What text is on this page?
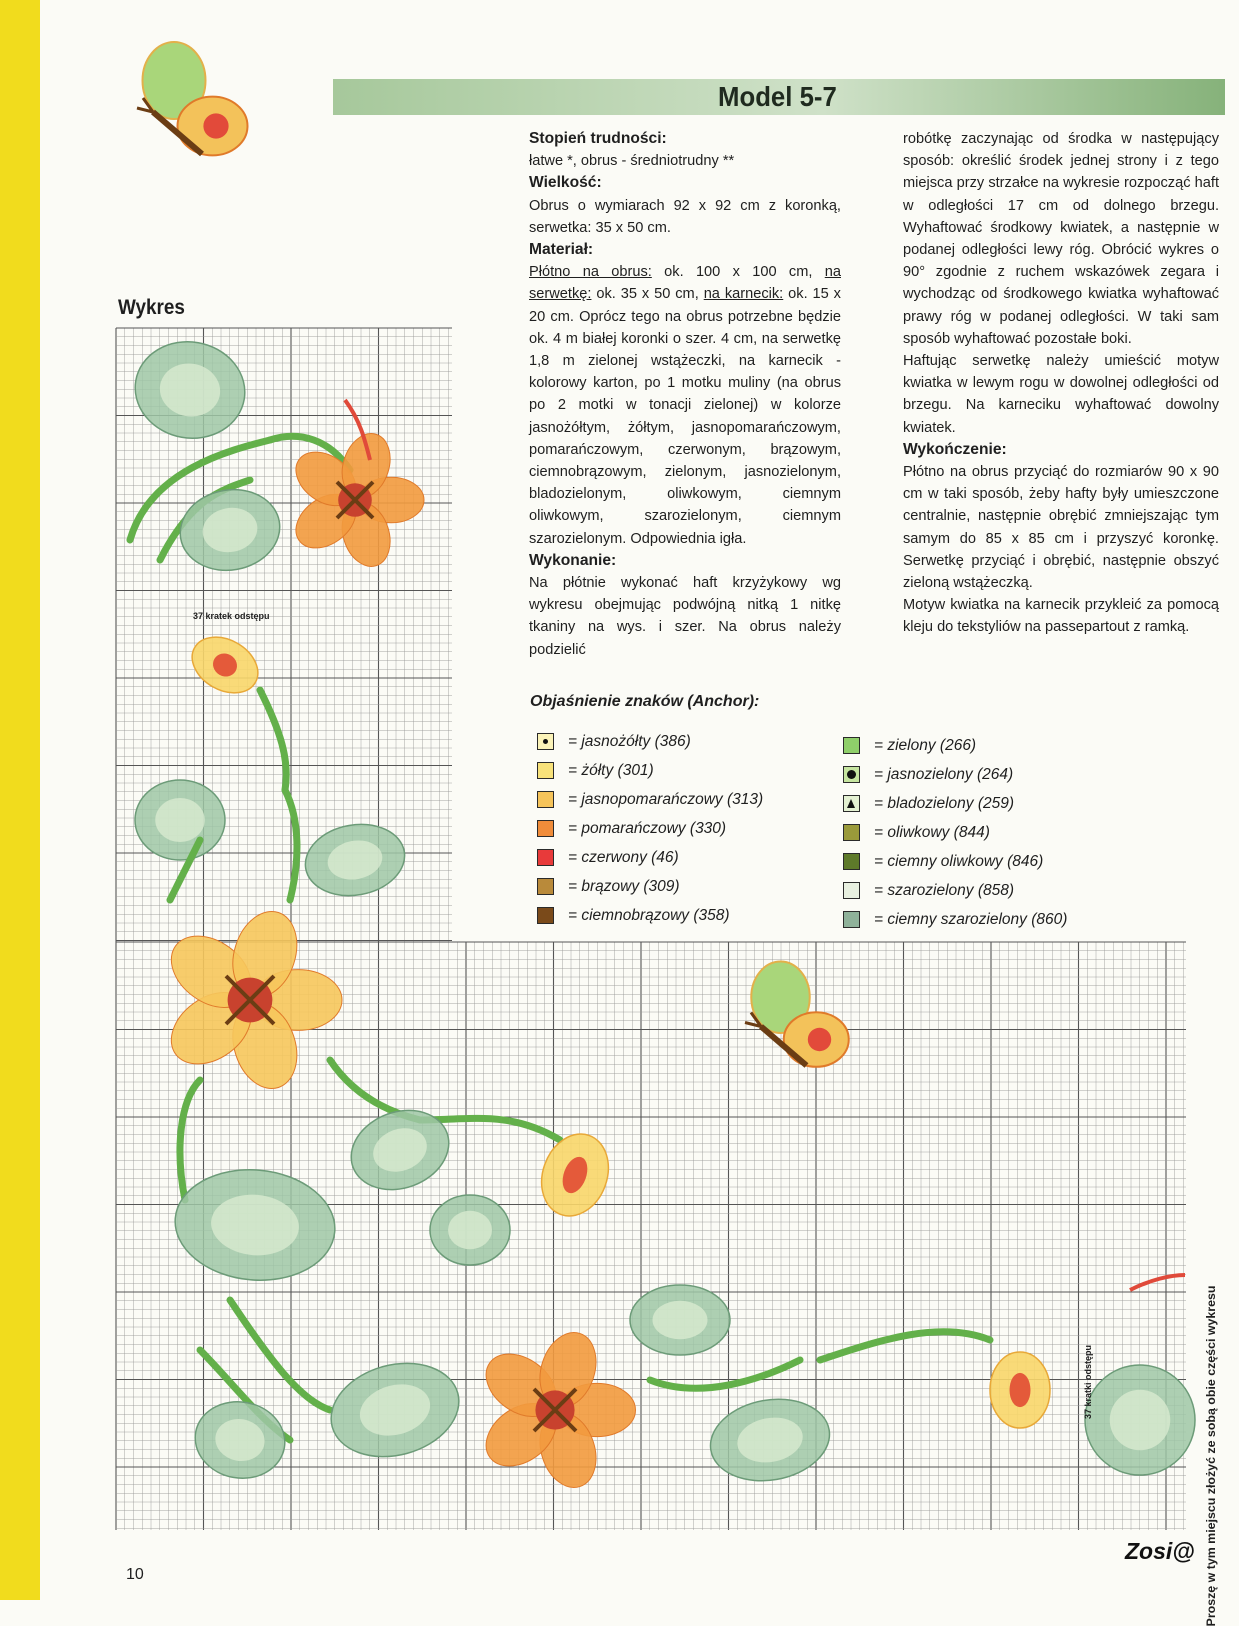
Model 5-7
Wykres
37 kratek odstępu
37 kratki odstępu

Stopień trudności:

łatwe *, obrus - średniotrudny **

Wielkość:

Obrus o wymiarach 92 x 92 cm z koronką, serwetka: 35 x 50 cm.

Materiał:

Płótno na obrus: ok. 100 x 100 cm, na serwetkę: ok. 35 x 50 cm, na karnecik: ok. 15 x 20 cm. Oprócz tego na obrus potrzebne będzie ok. 4 m białej koronki o szer. 4 cm, na serwetkę 1,8 m zielonej wstążeczki, na karnecik - kolorowy karton, po 1 motku muliny (na obrus po 2 motki w tonacji zielonej) w kolorze jasnożółtym, żółtym, jasnopomarańczowym, pomarańczowym, czerwonym, brązowym, ciemnobrązowym, zielonym, jasnozielonym, bladozielonym, oliwkowym, ciemnym oliwkowym, szarozielonym, ciemnym szarozielonym. Odpowiednia igła.

Wykonanie:

Na płótnie wykonać haft krzyżykowy wg wykresu obejmując podwójną nitką 1 nitkę tkaniny na wys. i szer. Na obrus należy podzielić

robótkę zaczynając od środka w następujący sposób: określić środek jednej strony i z tego miejsca przy strzałce na wykresie rozpocząć haft w odległości 17 cm od dolnego brzegu. Wyhaftować środkowy kwiatek, a następnie w podanej odległości lewy róg. Obrócić wykres o 90° zgodnie z ruchem wskazówek zegara i wychodząc od środkowego kwiatka wyhaftować prawy róg w podanej odległości. W taki sam sposób wyhaftować pozostałe boki.

Haftując serwetkę należy umieścić motyw kwiatka w lewym rogu w dowolnej odległości od brzegu. Na karneciku wyhaftować dowolny kwiatek.

Wykończenie:

Płótno na obrus przyciąć do rozmiarów 90 x 90 cm w taki sposób, żeby hafty były umieszczone centralnie, następnie obrębić zmniejszając tym samym do 85 x 85 cm i przyszyć koronkę. Serwetkę przyciąć i obrębić, następnie obszyć zieloną wstążeczką.

Motyw kwiatka na karnecik przykleić za pomocą kleju do tekstyliów na passepartout z ramką.

Objaśnienie znaków (Anchor):
= jasnożółty (386)
= żółty (301)
= jasnopomarańczowy (313)
= pomarańczowy (330)
= czerwony (46)
= brązowy (309)
= ciemnobrązowy (358)
= zielony (266)
= jasnozielony (264)
= bladozielony (259)
= oliwkowy (844)
= ciemny oliwkowy (846)
= szarozielony (858)
= ciemny szarozielony (860)
Proszę w tym miejscu złożyć ze sobą obie części wykresu
10
Zosi@
